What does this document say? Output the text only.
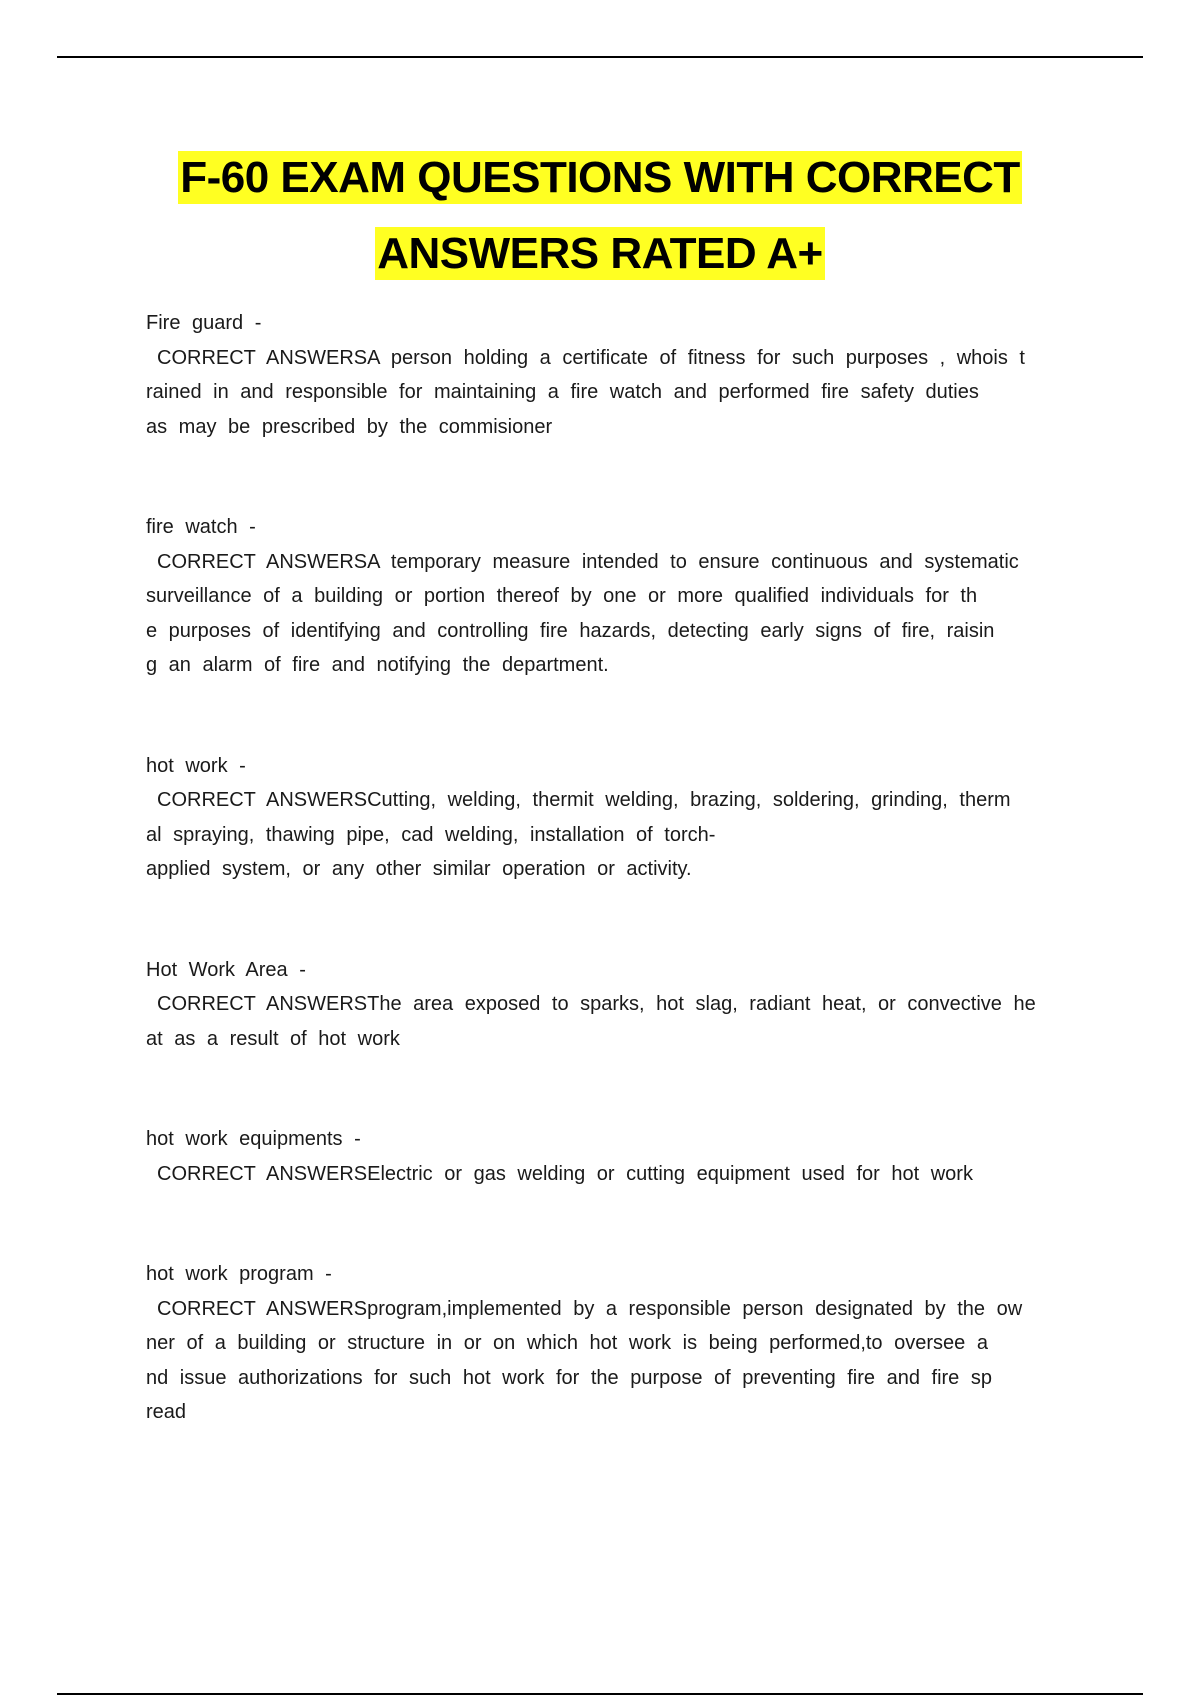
F-60 EXAM QUESTIONS WITH CORRECT
ANSWERS RATED A+
Fire guard -
CORRECT ANSWERSA person holding a certificate of fitness for such purposes , whois t
rained in and responsible for maintaining a fire watch and performed fire safety duties
as may be prescribed by the commisioner
fire watch -
CORRECT ANSWERSA temporary measure intended to ensure continuous and systematic
surveillance of a building or portion thereof by one or more qualified individuals for th
e purposes of identifying and controlling fire hazards, detecting early signs of fire, raisin
g an alarm of fire and notifying the department.
hot work -
CORRECT ANSWERSCutting, welding, thermit welding, brazing, soldering, grinding, therm
al spraying, thawing pipe, cad welding, installation of torch-
applied system, or any other similar operation or activity.
Hot Work Area -
CORRECT ANSWERSThe area exposed to sparks, hot slag, radiant heat, or convective he
at as a result of hot work
hot work equipments -
CORRECT ANSWERSElectric or gas welding or cutting equipment used for hot work
hot work program -
CORRECT ANSWERSprogram,implemented by a responsible person designated by the ow
ner of a building or structure in or on which hot work is being performed,to oversee a
nd issue authorizations for such hot work for the purpose of preventing fire and fire sp
read
